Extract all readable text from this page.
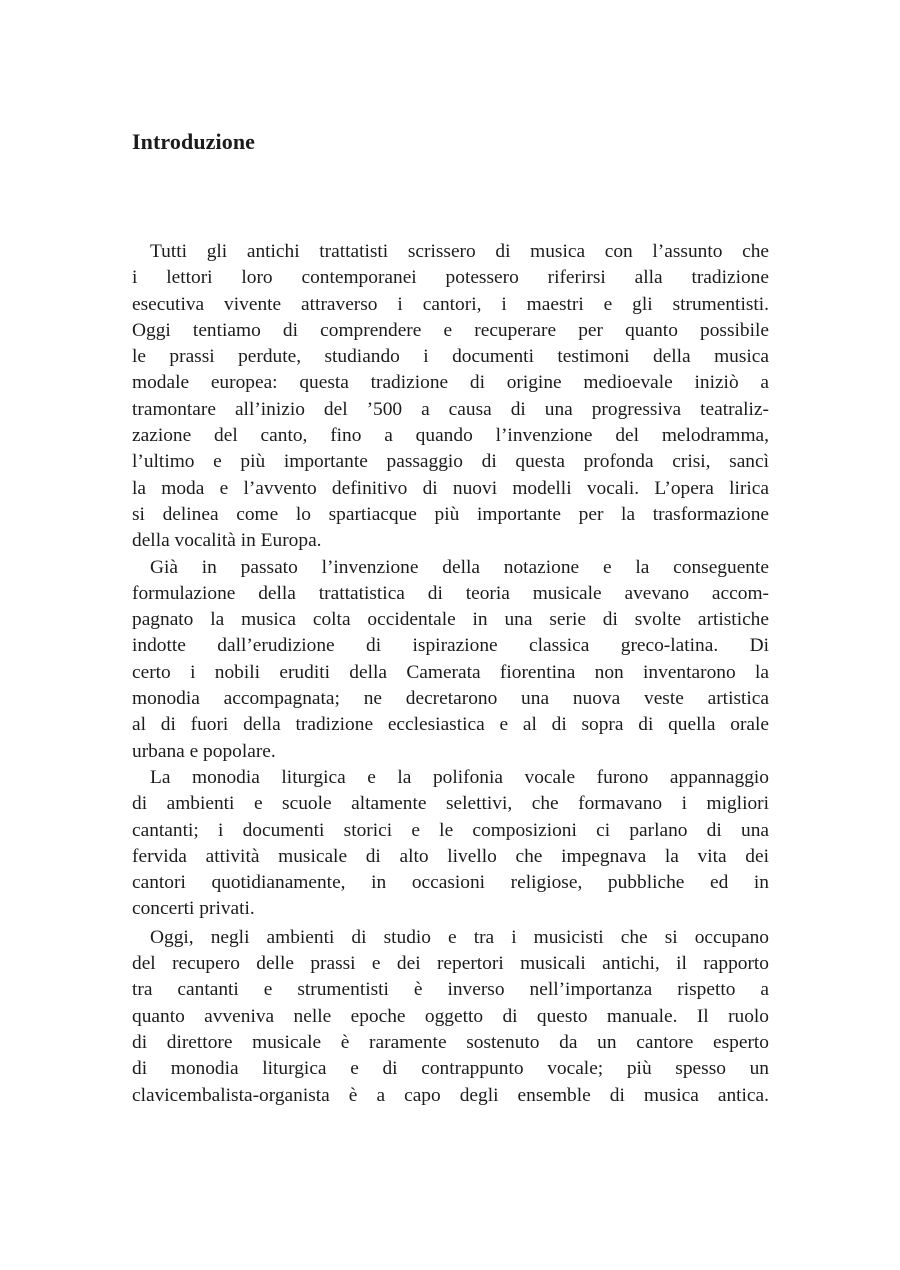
Introduzione

Tutti gli antichi trattatisti scrissero di musica con l’assunto che
i lettori loro contemporanei potessero riferirsi alla tradizione
esecutiva vivente attraverso i cantori, i maestri e gli strumentisti.
Oggi tentiamo di comprendere e recuperare per quanto possibile
le prassi perdute, studiando i documenti testimoni della musica
modale europea: questa tradizione di origine medioevale iniziò a
tramontare all’inizio del ’500 a causa di una progressiva teatraliz-
zazione del canto, fino a quando l’invenzione del melodramma,
l’ultimo e più importante passaggio di questa profonda crisi, sancì
la moda e l’avvento definitivo di nuovi modelli vocali. L’opera lirica
si delinea come lo spartiacque più importante per la trasformazione
della vocalità in Europa.

Già in passato l’invenzione della notazione e la conseguente
formulazione della trattatistica di teoria musicale avevano accom-
pagnato la musica colta occidentale in una serie di svolte artistiche
indotte dall’erudizione di ispirazione classica greco-latina. Di
certo i nobili eruditi della Camerata fiorentina non inventarono la
monodia accompagnata; ne decretarono una nuova veste artistica
al di fuori della tradizione ecclesiastica e al di sopra di quella orale
urbana e popolare.

La monodia liturgica e la polifonia vocale furono appannaggio
di ambienti e scuole altamente selettivi, che formavano i migliori
cantanti; i documenti storici e le composizioni ci parlano di una
fervida attività musicale di alto livello che impegnava la vita dei
cantori quotidianamente, in occasioni religiose, pubbliche ed in
concerti privati.

Oggi, negli ambienti di studio e tra i musicisti che si occupano
del recupero delle prassi e dei repertori musicali antichi, il rapporto
tra cantanti e strumentisti è inverso nell’importanza rispetto a
quanto avveniva nelle epoche oggetto di questo manuale. Il ruolo
di direttore musicale è raramente sostenuto da un cantore esperto
di monodia liturgica e di contrappunto vocale; più spesso un
clavicembalista-organista è a capo degli ensemble di musica antica.
